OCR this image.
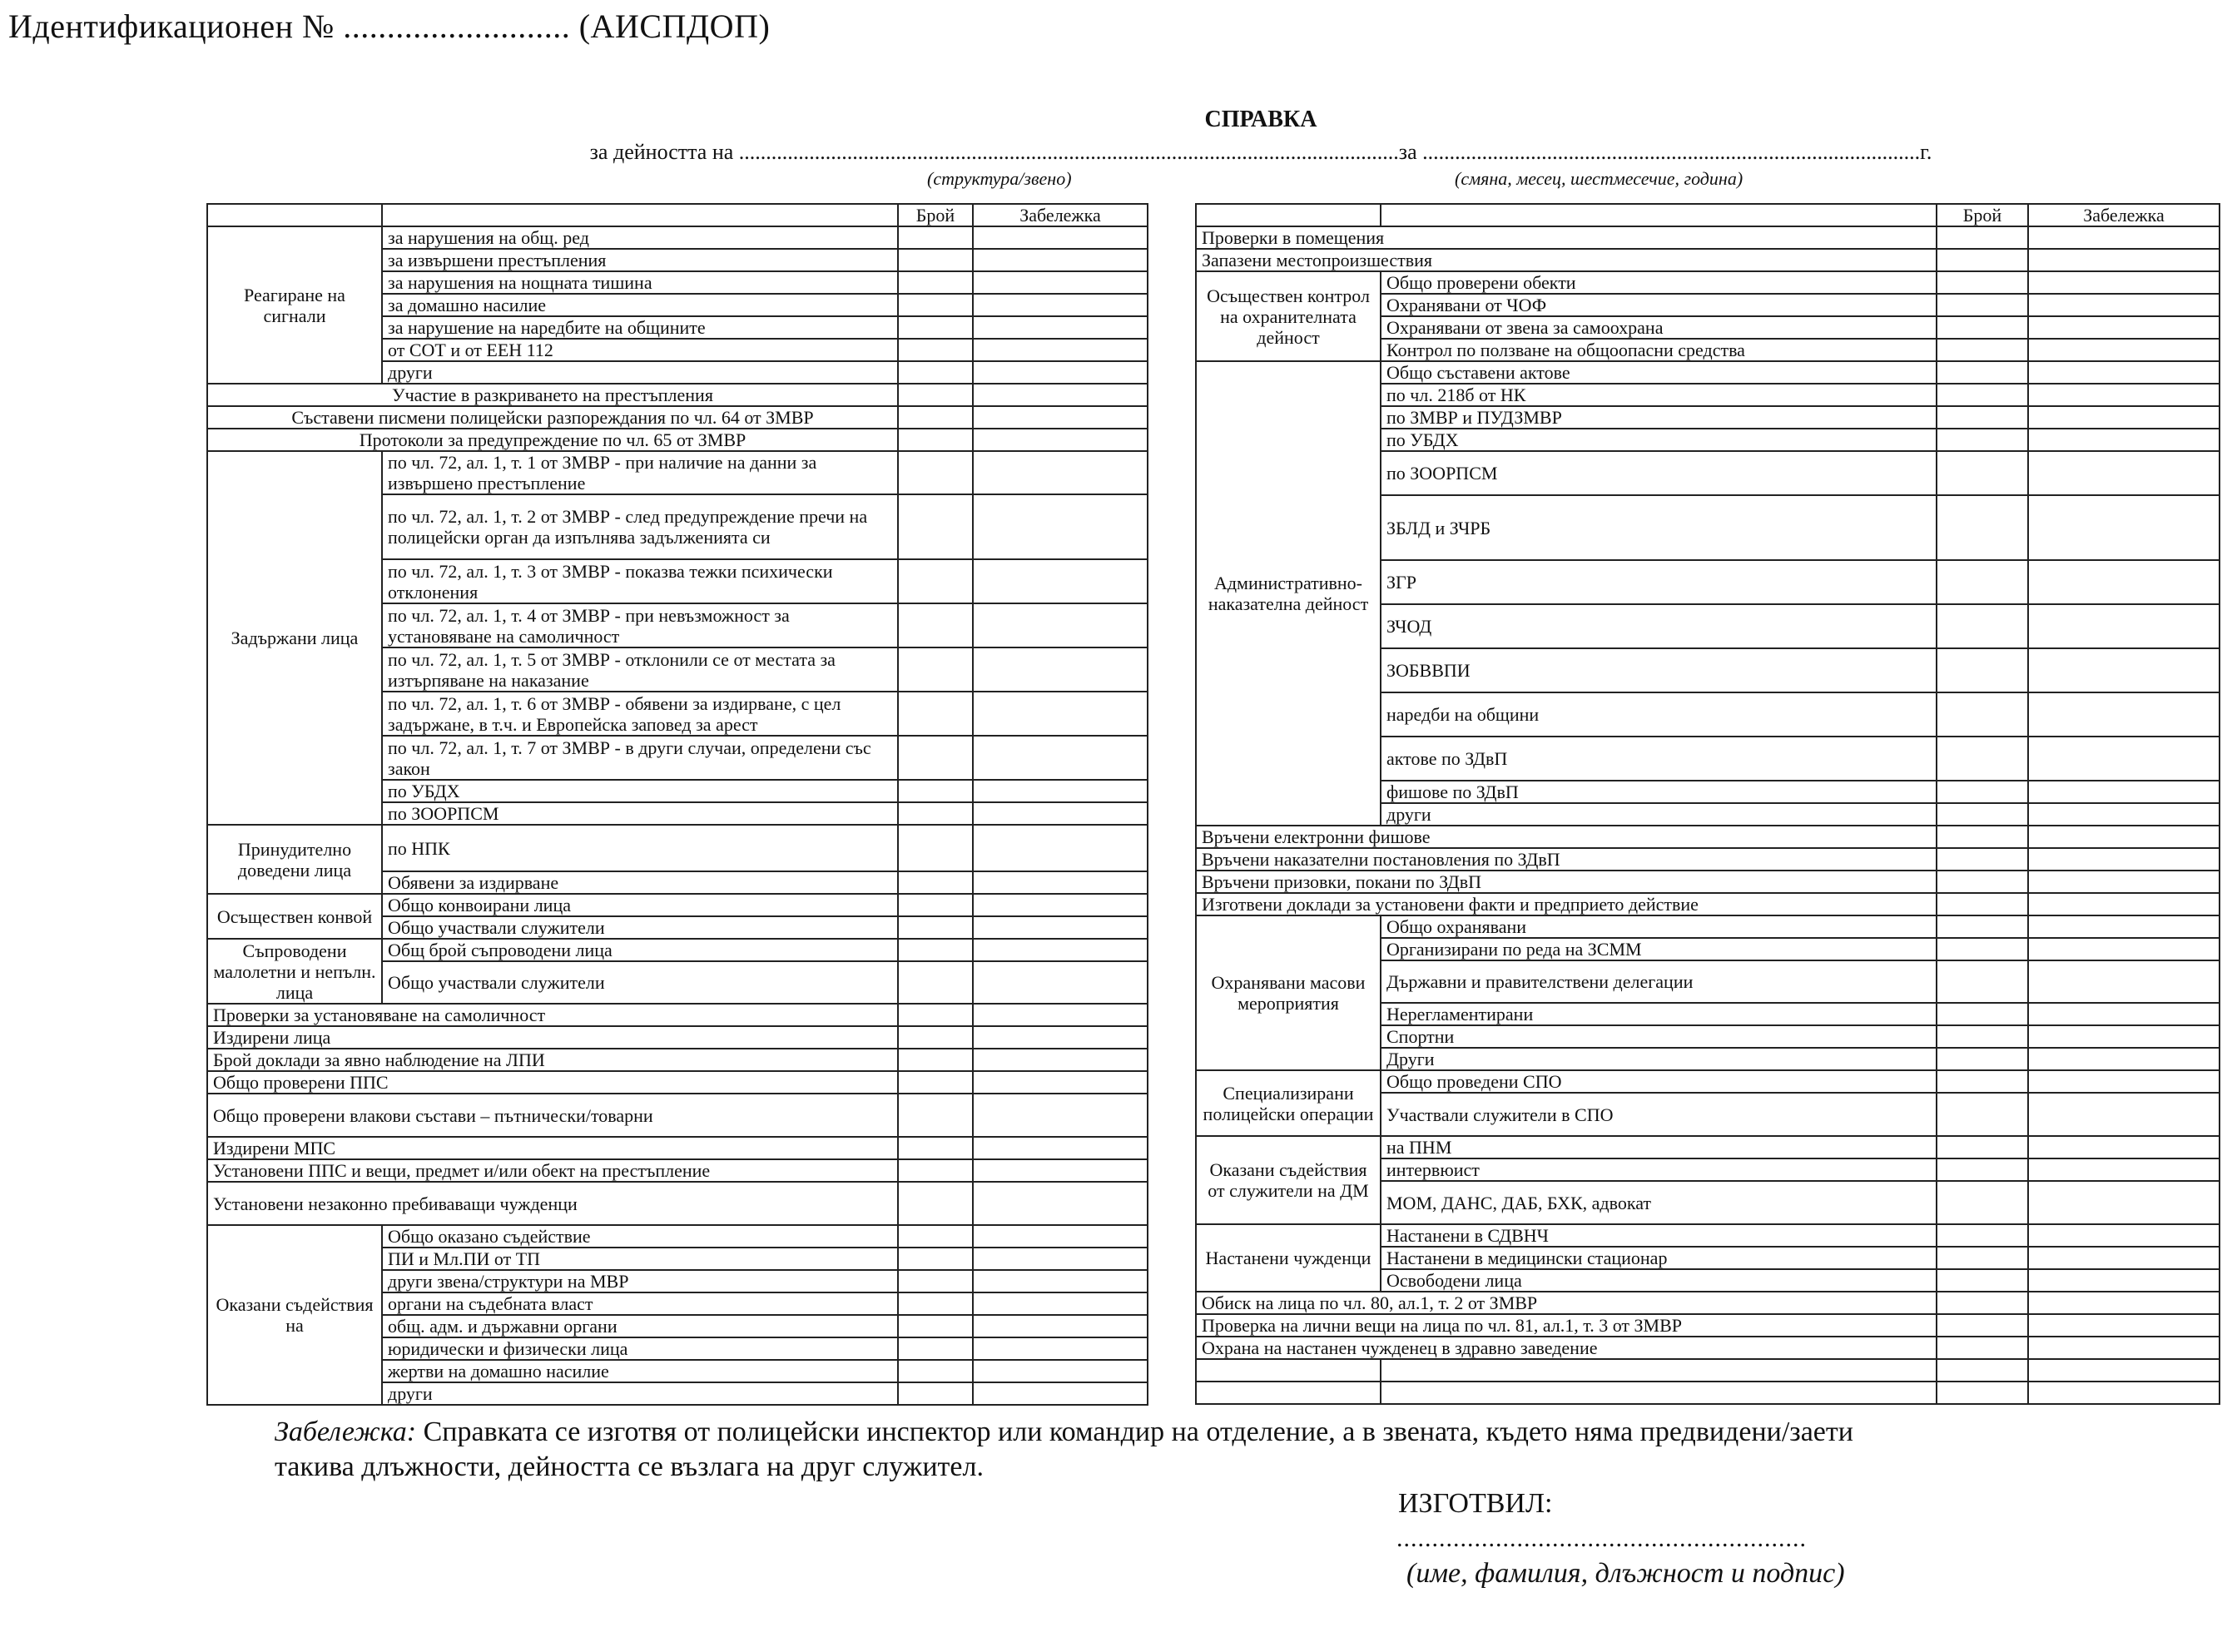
Идентификационен № .......................... (АИСПДОП)
СПРАВКА
за дейността на ..........................................................................................................................за ............................................................................................г.
(структура/звено)	(смяна, месец, шестмесечие, година)
		Брой	Забележка
Реагиране на сигнали	за нарушения на общ. ред		
	за извършени престъпления		
	за нарушения на нощната тишина		
	за домашно насилие		
	за нарушение на наредбите на общините		
	от СОТ и от ЕЕН 112		
	други		
Участие в разкриването на престъпления			
Съставени писмени полицейски разпореждания по чл. 64 от ЗМВР			
Протоколи за предупреждение по чл. 65 от ЗМВР			
Задържани лица	по чл. 72, ал. 1, т. 1 от ЗМВР - при наличие на данни за извършено престъпление		
	по чл. 72, ал. 1, т. 2 от ЗМВР - след предупреждение пречи на полицейски орган да изпълнява задълженията си		
	по чл. 72, ал. 1, т. 3 от ЗМВР - показва тежки психически отклонения		
	по чл. 72, ал. 1, т. 4 от ЗМВР - при невъзможност за установяване на самоличност		
	по чл. 72, ал. 1, т. 5 от ЗМВР - отклонили се от местата за изтърпяване на наказание		
	по чл. 72, ал. 1, т. 6 от ЗМВР - обявени за издирване, с цел задържане, в т.ч. и Европейска заповед за арест		
	по чл. 72, ал. 1, т. 7 от ЗМВР - в други случаи, определени със закон		
	по УБДХ		
	по ЗООРПСМ		
Принудително доведени лица	по НПК		
	Обявени за издирване		
Осъществен конвой	Общо конвоирани лица		
	Общо участвали служители		
Съпроводени малолетни и непълн. лица	Общ брой съпроводени лица		
	Общо участвали служители		
Проверки за установяване на самоличност			
Издирени лица			
Брой доклади за явно наблюдение на ЛПИ			
Общо проверени ППС			
Общо проверени влакови състави – пътнически/товарни			
Издирени МПС			
Установени ППС и вещи, предмет и/или обект на престъпление			
Установени незаконно пребиваващи чужденци			
Оказани съдействия на	Общо оказано съдействие		
	ПИ и Мл.ПИ от ТП		
	други звена/структури на МВР		
	органи на съдебната власт		
	общ. адм. и държавни органи		
	юридически и физически лица		
	жертви на домашно насилие		
	други		
		Брой	Забележка
Проверки в помещения			
Запазени местопроизшествия			
Осъществен контрол на охранителната дейност	Общо проверени обекти		
	Охранявани от ЧОФ		
	Охранявани от звена за самоохрана		
	Контрол по ползване на общоопасни средства		
Административно-наказателна дейност	Общо съставени актове		
	по чл. 218б от НК		
	по ЗМВР и ПУДЗМВР		
	по УБДХ		
	по ЗООРПСМ		
	ЗБЛД и ЗЧРБ		
	ЗГР		
	ЗЧОД		
	ЗОБВВПИ		
	наредби на общини		
	актове по ЗДвП		
	фишове по ЗДвП		
	други		
Връчени електронни фишове			
Връчени наказателни постановления по ЗДвП			
Връчени призовки, покани по ЗДвП			
Изготвени доклади за установени факти и предприето действие			
Охранявани масови мероприятия	Общо охранявани		
	Организирани по реда на ЗСММ		
	Държавни и правителствени делегации		
	Нерегламентирани		
	Спортни		
	Други		
Специализирани полицейски операции	Общо проведени СПО		
	Участвали служители в СПО		
Оказани съдействия от служители на ДМ	на ПНМ		
	интервюист		
	МОМ, ДАНС, ДАБ, БХК, адвокат		
Настанени чужденци	Настанени в СДВНЧ		
	Настанени в медицински стационар		
	Освободени лица		
Обиск на лица по чл. 80, ал.1, т. 2 от ЗМВР			
Проверка на лични вещи на лица по чл. 81, ал.1, т. 3 от ЗМВР			
Охрана на настанен чужденец в здравно заведение			

Забележка: Справката се изготвя от полицейски инспектор или командир на отделение, а в звената, където няма предвидени/заети
такива длъжности, дейността се възлага на друг служител.
ИЗГОТВИЛ:
..........................................................
(име, фамилия, длъжност и подпис)
